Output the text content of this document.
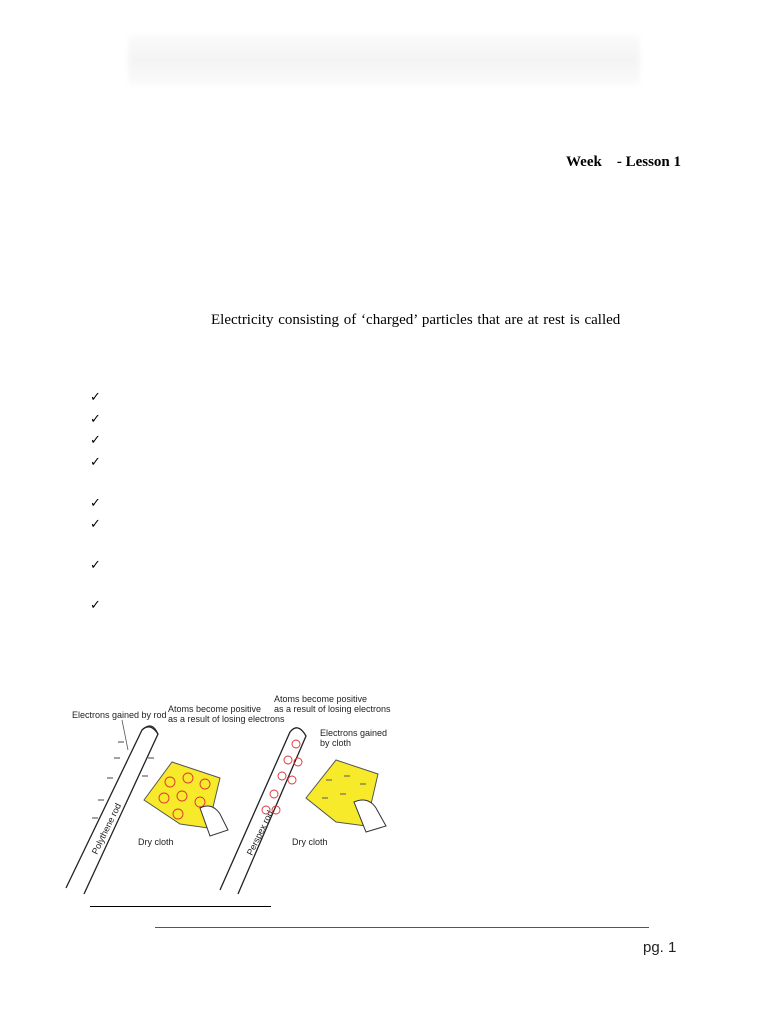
Week    - Lesson 1
Electricity consisting of ‘charged’ particles that are at rest is called
✓
✓
✓
✓
✓
✓
✓
✓
Polythene rod
Electrons gained by rod
Atoms become positive
as a result of losing electrons
Dry cloth	Perspex rod
Atoms become positive
as a result of losing electrons
Electrons gained
by cloth
Dry cloth
pg. 1
